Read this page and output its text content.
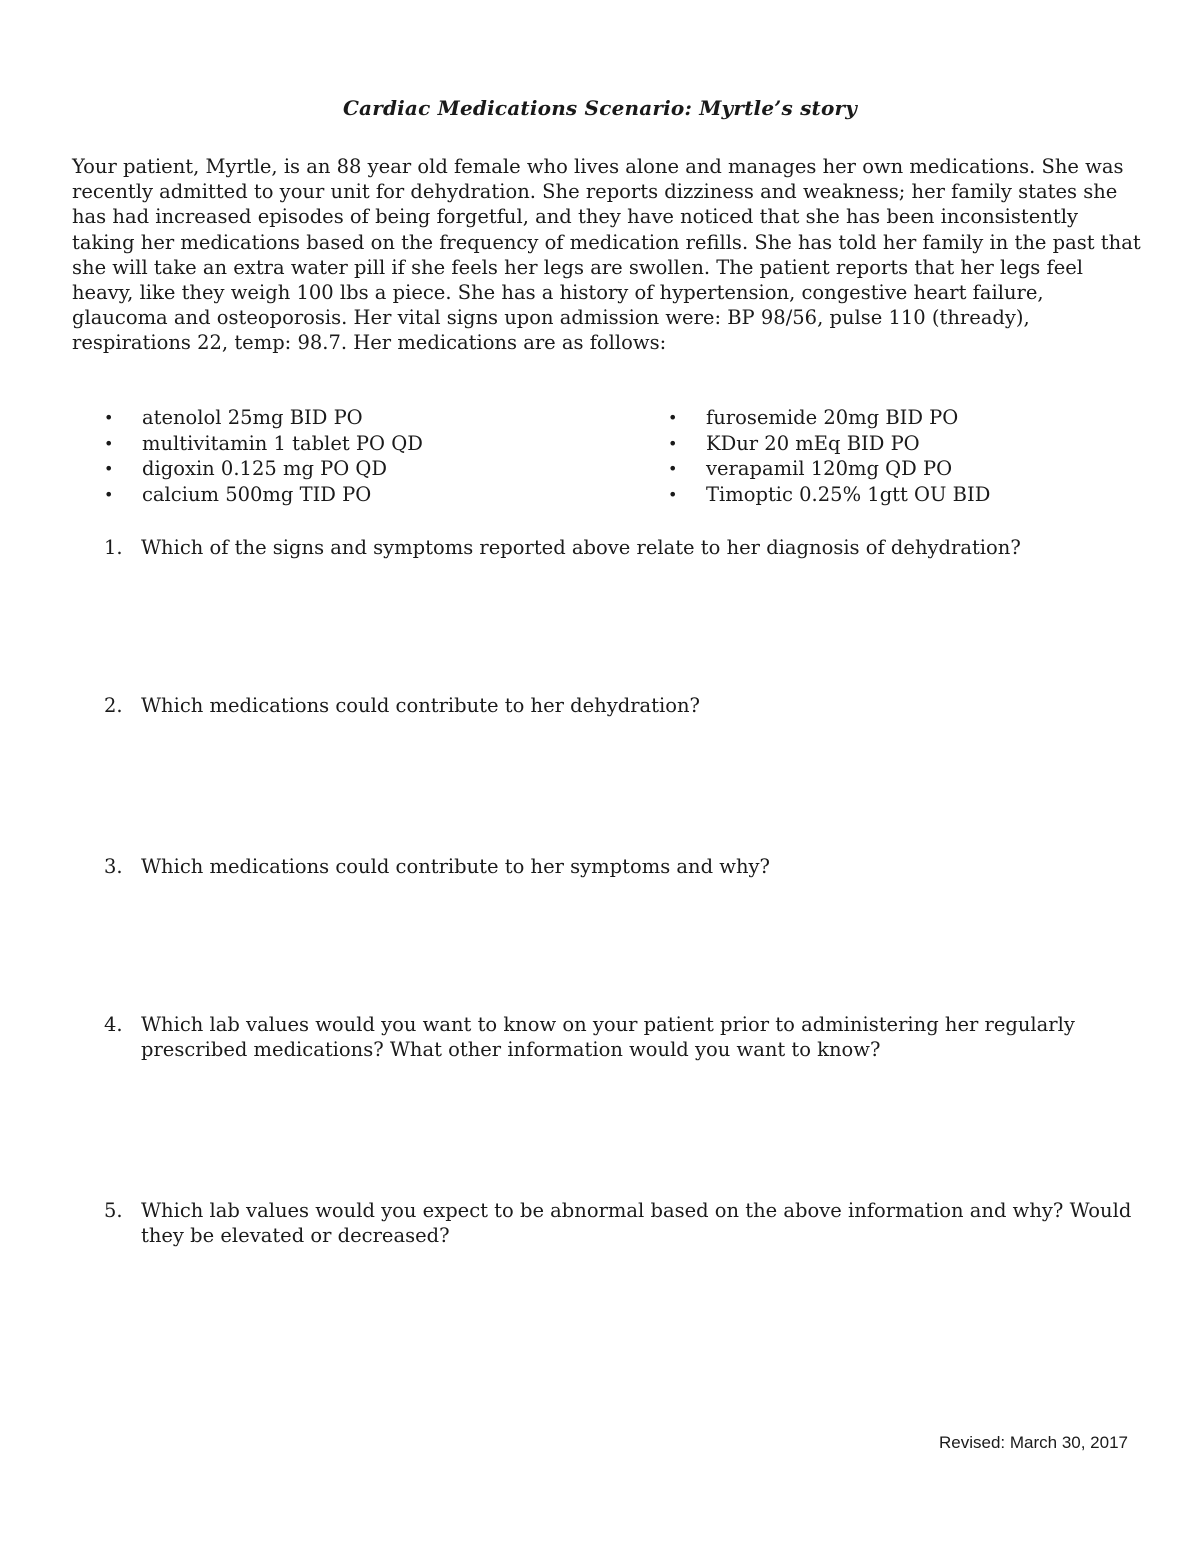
Cardiac Medications Scenario: Myrtle’s story

Your patient, Myrtle, is an 88 year old female who lives alone and manages her own medications. She was recently admitted to your unit for dehydration. She reports dizziness and weakness; her family states she has had increased episodes of being forgetful, and they have noticed that she has been inconsistently taking her medications based on the frequency of medication refills. She has told her family in the past that she will take an extra water pill if she feels her legs are swollen. The patient reports that her legs feel heavy, like they weigh 100 lbs a piece. She has a history of hypertension, congestive heart failure, glaucoma and osteoporosis. Her vital signs upon admission were: BP 98/56, pulse 110 (thready), respirations 22, temp: 98.7. Her medications are as follows:

• atenolol 25mg BID PO
• multivitamin 1 tablet PO QD
• digoxin 0.125 mg PO QD
• calcium 500mg TID PO
• furosemide 20mg BID PO
• KDur 20 mEq BID PO
• verapamil 120mg QD PO
• Timoptic 0.25% 1gtt OU BID
1. Which of the signs and symptoms reported above relate to her diagnosis of dehydration?
2. Which medications could contribute to her dehydration?
3. Which medications could contribute to her symptoms and why?
4. Which lab values would you want to know on your patient prior to administering her regularly prescribed medications? What other information would you want to know?
5. Which lab values would you expect to be abnormal based on the above information and why? Would they be elevated or decreased?
Revised: March 30, 2017
